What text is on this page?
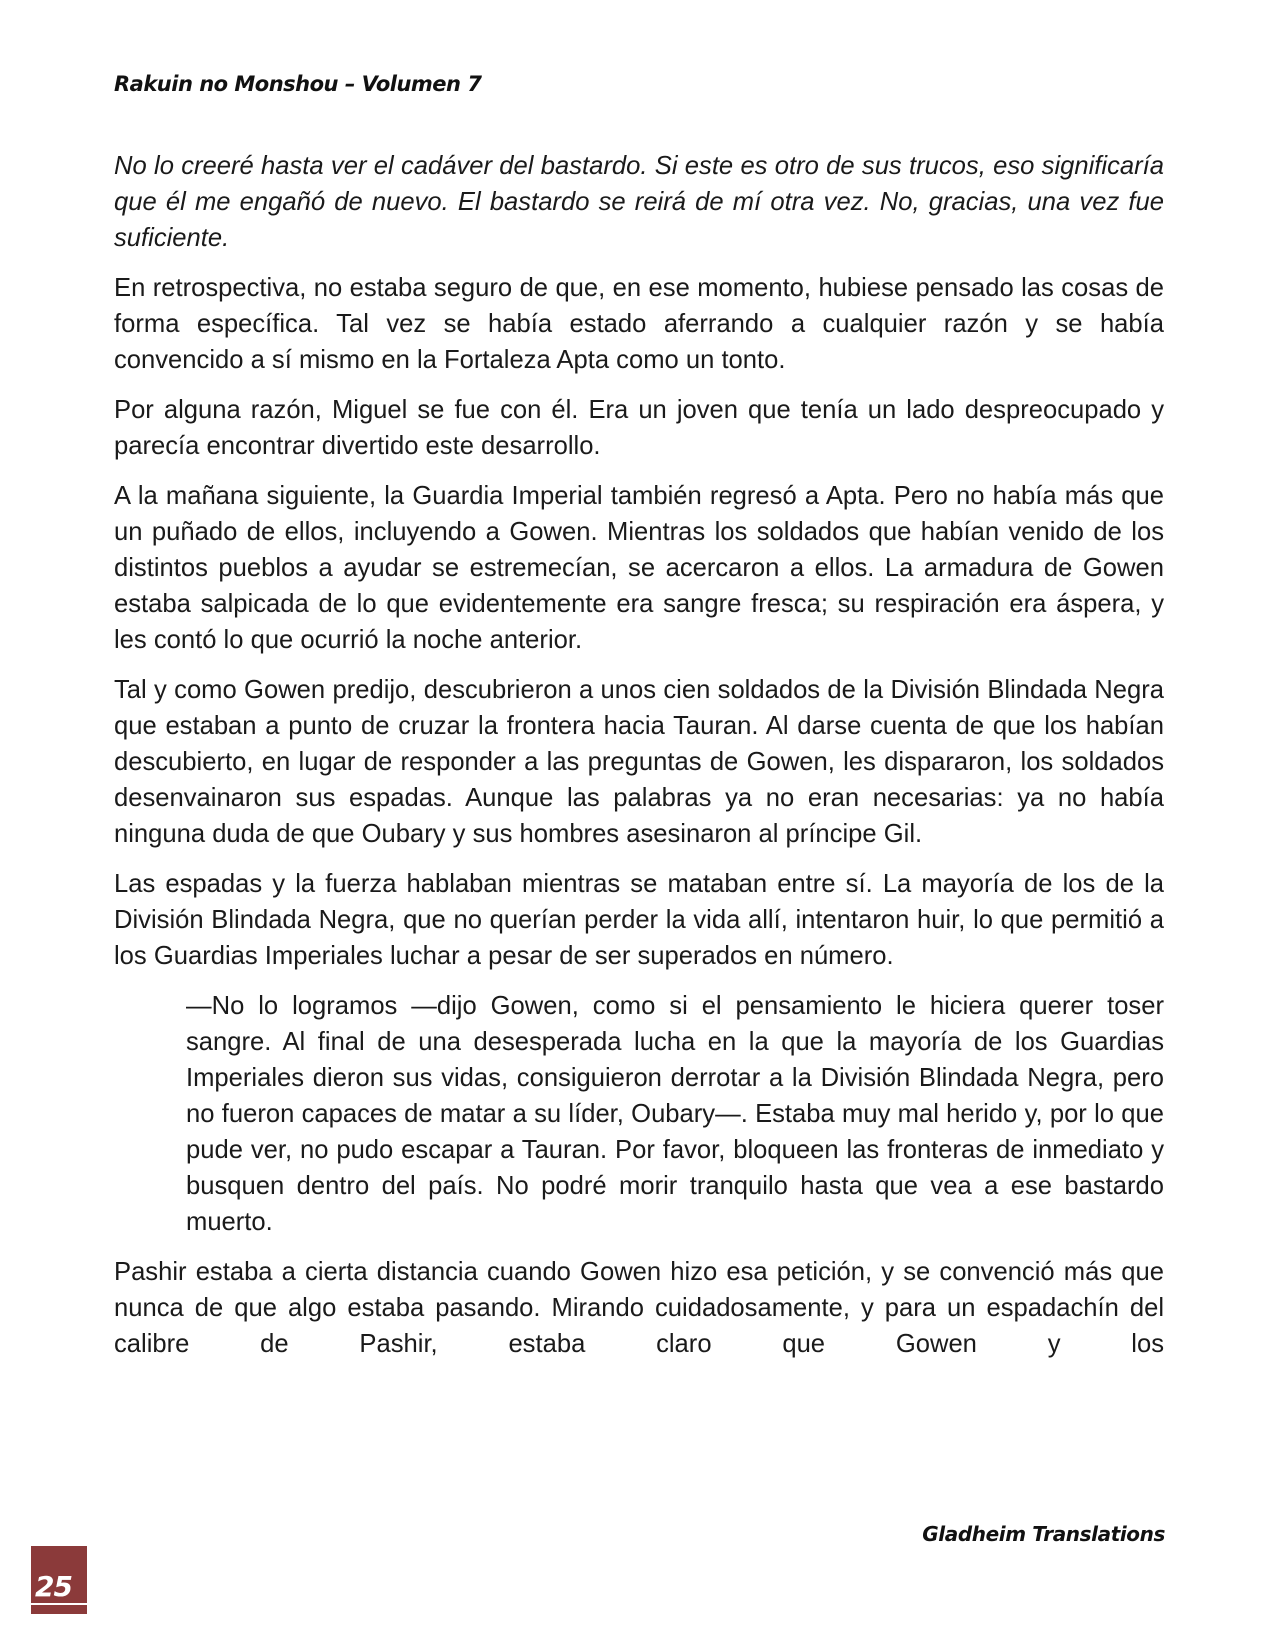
Rakuin no Monshou – Volumen 7

No lo creeré hasta ver el cadáver del bastardo. Si este es otro de sus trucos, eso significaría que él me engañó de nuevo. El bastardo se reirá de mí otra vez. No, gracias, una vez fue suficiente.

En retrospectiva, no estaba seguro de que, en ese momento, hubiese pensado las cosas de forma específica. Tal vez se había estado aferrando a cualquier razón y se había convencido a sí mismo en la Fortaleza Apta como un tonto.

Por alguna razón, Miguel se fue con él. Era un joven que tenía un lado despreocupado y parecía encontrar divertido este desarrollo.

A la mañana siguiente, la Guardia Imperial también regresó a Apta. Pero no había más que un puñado de ellos, incluyendo a Gowen. Mientras los soldados que habían venido de los distintos pueblos a ayudar se estremecían, se acercaron a ellos. La armadura de Gowen estaba salpicada de lo que evidentemente era sangre fresca; su respiración era áspera, y les contó lo que ocurrió la noche anterior.

Tal y como Gowen predijo, descubrieron a unos cien soldados de la División Blindada Negra que estaban a punto de cruzar la frontera hacia Tauran. Al darse cuenta de que los habían descubierto, en lugar de responder a las preguntas de Gowen, les dispararon, los soldados desenvainaron sus espadas. Aunque las palabras ya no eran necesarias: ya no había ninguna duda de que Oubary y sus hombres asesinaron al príncipe Gil.

Las espadas y la fuerza hablaban mientras se mataban entre sí. La mayoría de los de la División Blindada Negra, que no querían perder la vida allí, intentaron huir, lo que permitió a los Guardias Imperiales luchar a pesar de ser superados en número.

—No lo logramos —dijo Gowen, como si el pensamiento le hiciera querer toser sangre. Al final de una desesperada lucha en la que la mayoría de los Guardias Imperiales dieron sus vidas, consiguieron derrotar a la División Blindada Negra, pero no fueron capaces de matar a su líder, Oubary—. Estaba muy mal herido y, por lo que pude ver, no pudo escapar a Tauran. Por favor, bloqueen las fronteras de inmediato y busquen dentro del país. No podré morir tranquilo hasta que vea a ese bastardo muerto.

Pashir estaba a cierta distancia cuando Gowen hizo esa petición, y se convenció más que nunca de que algo estaba pasando. Mirando cuidadosamente, y para un espadachín del calibre de Pashir, estaba claro que Gowen y los

Gladheim Translations
25
